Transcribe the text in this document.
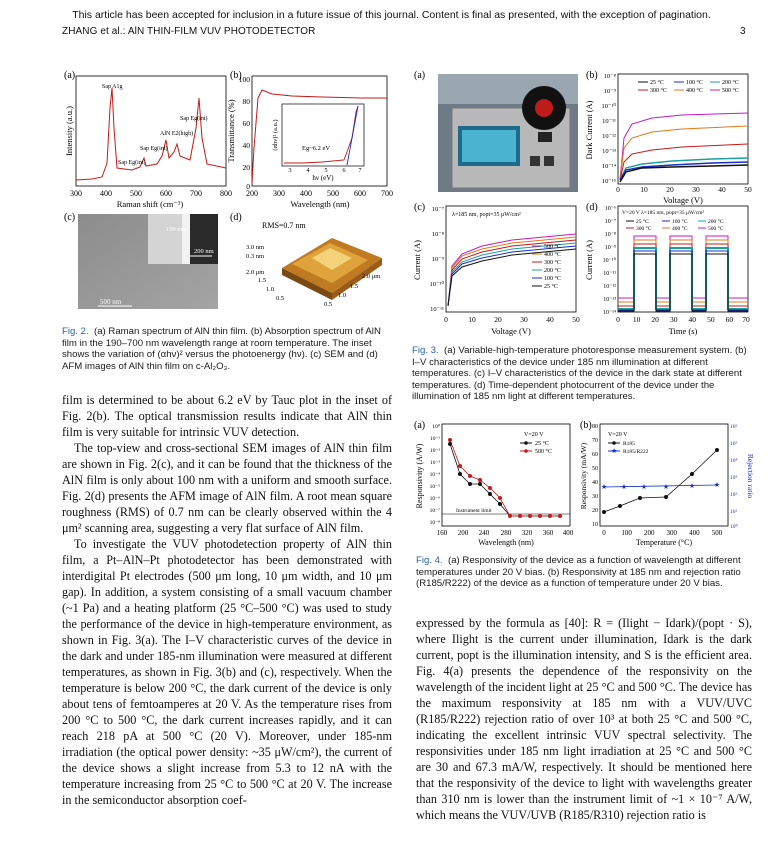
This article has been accepted for inclusion in a future issue of this journal. Content is final as presented, with the exception of pagination.
ZHANG et al.: AlN THIN-FILM VUV PHOTODETECTOR	3
(a)
Sap A1g
Sap Eg(int)
AlN E2(high)
Sap Eg(int)
Sap Eg(int)
300 400 500 600 700 800
Raman shift (cm⁻¹)
Intensity (a.u.)
(b)
Eg~6.2 eV
hν (eV)
(αhν)² (a.u.)
3 4 5 6 7
200 300 400 500 600 700
100
80
60
40
20
0
Wavelength (nm)
Transmittance (%)
(c)
100 nm
200 nm
500 nm
(d)
RMS=0.7 nm
3.0 nm
0.3 nm
2.0 μm
1.5
1.0
0.5
2.0 μm
1.5
1.0
0.5
Fig. 2. (a) Raman spectrum of AlN thin film. (b) Absorption spectrum of AlN film in the 190–700 nm wavelength range at room temperature. The inset shows the variation of (αhν)² versus the photoenergy (hν). (c) SEM and (d) AFM images of AlN thin film on c-Al₂O₃.
(a)	(b)
25 °C	100 °C	200 °C
300 °C	400 °C	500 °C
0	10 20 30 40 50
10⁻⁸
10⁻⁹
10⁻¹⁰
10⁻¹¹
10⁻¹²
10⁻¹³
10⁻¹⁴
10⁻¹⁵
Voltage (V)
Dark Current (A)
(c)
λ=185 nm, popt=35 μW/cm²
500 °C
400 °C
300 °C
200 °C
100 °C
25 °C
0	10 20 30 40 50
10⁻⁷
10⁻⁸
10⁻⁹
10⁻¹⁰
10⁻¹¹
Voltage (V)
Current (A)
(d)	V=20 V λ=185 nm, popt=35 μW/cm²
25 °C	100 °C	200 °C
300 °C	400 °C	500 °C
0 10 20 30 40 50 60 70
10⁻⁶
10⁻⁷
10⁻⁸
10⁻⁹
10⁻¹⁰
10⁻¹¹
10⁻¹²
10⁻¹³
10⁻¹⁴
Time (s)
Current (A)
Fig. 3. (a) Variable-high-temperature photoresponse measurement system. (b) I–V characteristics of the device under 185 nm illumination at different temperatures. (c) I–V characteristics of the device in the dark state at different temperatures. (d) Time-dependent photocurrent of the device under the illumination of 185 nm light at different temperatures.
(a)
V=20 V
25 °C
500 °C
Instrument limit
160 200 240 280 320 360 400
10⁰
10⁻¹
10⁻²
10⁻³
10⁻⁴
10⁻⁵
10⁻⁶
10⁻⁷
10⁻⁸
Wavelength (nm)
Responsivity (A/W)
(b)
V=20 V
R185
★ R185/R222
★ ★ ★ ★	★	★
0 100 200 300 400 500
80
70
60
50
40
30
20
10
10⁶
10⁵
10⁴
10³
10²
10¹
10⁰
Temperature (°C)
Responsivity (mA/W)	Rejection ratio
Fig. 4. (a) Responsivity of the device as a function of wavelength at different temperatures under 20 V bias. (b) Responsivity at 185 nm and rejection ratio (R185/R222) of the device as a function of temperature under 20 V bias.

film is determined to be about 6.2 eV by Tauc plot in the inset of Fig. 2(b). The optical transmission results indicate that AlN thin film is very suitable for intrinsic VUV detection.

The top-view and cross-sectional SEM images of AlN thin film are shown in Fig. 2(c), and it can be found that the thickness of the AlN film is only about 100 nm with a uniform and smooth surface. Fig. 2(d) presents the AFM image of AlN film. A root mean square roughness (RMS) of 0.7 nm can be clearly observed within the 4 μm² scanning area, suggesting a very flat surface of AlN film.

To investigate the VUV photodetection property of AlN thin film, a Pt–AlN–Pt photodetector has been demonstrated with interdigital Pt electrodes (500 μm long, 10 μm width, and 10 μm gap). In addition, a system consisting of a small vacuum chamber (~1 Pa) and a heating platform (25 °C–500 °C) was used to study the performance of the device in high-temperature environment, as shown in Fig. 3(a). The I–V characteristic curves of the device in the dark and under 185-nm illumination were measured at different temperatures, as shown in Fig. 3(b) and (c), respectively. When the temperature is below 200 °C, the dark current of the device is only about tens of femtoamperes at 20 V. As the temperature rises from 200 °C to 500 °C, the dark current increases rapidly, and it can reach 218 pA at 500 °C (20 V). Moreover, under 185-nm irradiation (the optical power density: ~35 μW/cm²), the current of the device shows a slight increase from 5.3 to 12 nA with the temperature increasing from 25 °C to 500 °C at 20 V. The increase in the semiconductor absorption coef-

expressed by the formula as [40]: R = (Ilight − Idark)/(popt · S), where Ilight is the current under illumination, Idark is the dark current, popt is the illumination intensity, and S is the efficient area. Fig. 4(a) presents the dependence of the responsivity on the wavelength of the incident light at 25 °C and 500 °C. The device has the maximum responsivity at 185 nm with a VUV/UVC (R185/R222) rejection ratio of over 10³ at both 25 °C and 500 °C, indicating the excellent intrinsic VUV spectral selectivity. The responsivities under 185 nm light irradiation at 25 °C and 500 °C are 30 and 67.3 mA/W, respectively. It should be mentioned here that the responsivity of the device to light with wavelengths greater than 310 nm is lower than the instrument limit of ~1 × 10⁻⁷ A/W, which means the VUV/UVB (R185/R310) rejection ratio is
